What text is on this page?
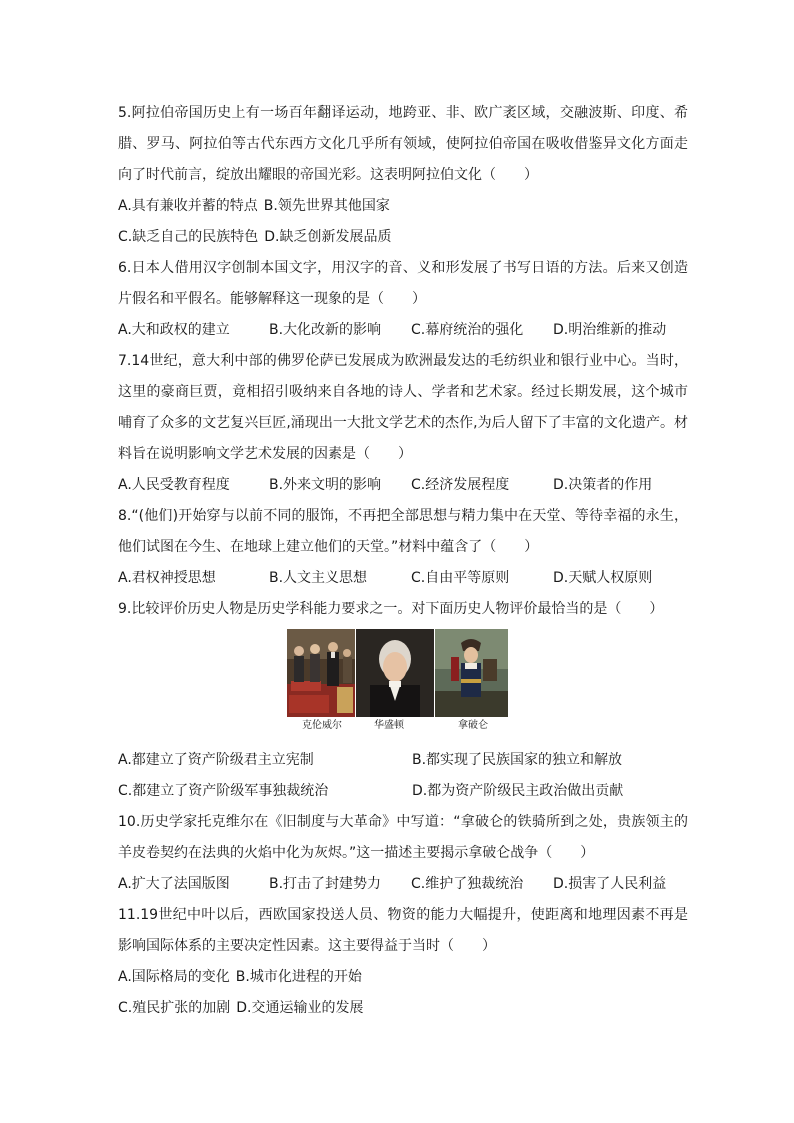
5.阿拉伯帝国历史上有一场百年翻译运动，地跨亚、非、欧广袤区域，交融波斯、印度、希腊、罗马、阿拉伯等古代东西方文化几乎所有领域，使阿拉伯帝国在吸收借鉴异文化方面走向了时代前言，绽放出耀眼的帝国光彩。这表明阿拉伯文化（　　）

A.具有兼收并蓄的特点 B.领先世界其他国家

C.缺乏自己的民族特色 D.缺乏创新发展品质

6.日本人借用汉字创制本国文字，用汉字的音、义和形发展了书写日语的方法。后来又创造片假名和平假名。能够解释这一现象的是（　　）

A.大和政权的建立	B.大化改新的影响	C.幕府统治的强化	D.明治维新的推动

7.14世纪，意大利中部的佛罗伦萨已发展成为欧洲最发达的毛纺织业和银行业中心。当时，这里的豪商巨贾，竟相招引吸纳来自各地的诗人、学者和艺术家。经过长期发展，这个城市哺育了众多的文艺复兴巨匠,涌现出一大批文学艺术的杰作,为后人留下了丰富的文化遗产。材料旨在说明影响文学艺术发展的因素是（　　）

A.人民受教育程度	B.外来文明的影响	C.经济发展程度	D.决策者的作用

8.“(他们)开始穿与以前不同的服饰，不再把全部思想与精力集中在天堂、等待幸福的永生，他们试图在今生、在地球上建立他们的天堂。”材料中蕴含了（　　）

A.君权神授思想	B.人文主义思想	C.自由平等原则	D.天赋人权原则

9.比较评价历史人物是历史学科能力要求之一。对下面历史人物评价最恰当的是（　　）

克伦威尔	华盛顿	拿破仑
A.都建立了资产阶级君主立宪制	B.都实现了民族国家的独立和解放
C.都建立了资产阶级军事独裁统治	D.都为资产阶级民主政治做出贡献

10.历史学家托克维尔在《旧制度与大革命》中写道：“拿破仑的铁骑所到之处，贵族领主的羊皮卷契约在法典的火焰中化为灰烬。”这一描述主要揭示拿破仑战争（　　）

A.扩大了法国版图	B.打击了封建势力	C.维护了独裁统治	D.损害了人民利益

11.19世纪中叶以后，西欧国家投送人员、物资的能力大幅提升，使距离和地理因素不再是影响国际体系的主要决定性因素。这主要得益于当时（　　）

A.国际格局的变化 B.城市化进程的开始

C.殖民扩张的加剧 D.交通运输业的发展
